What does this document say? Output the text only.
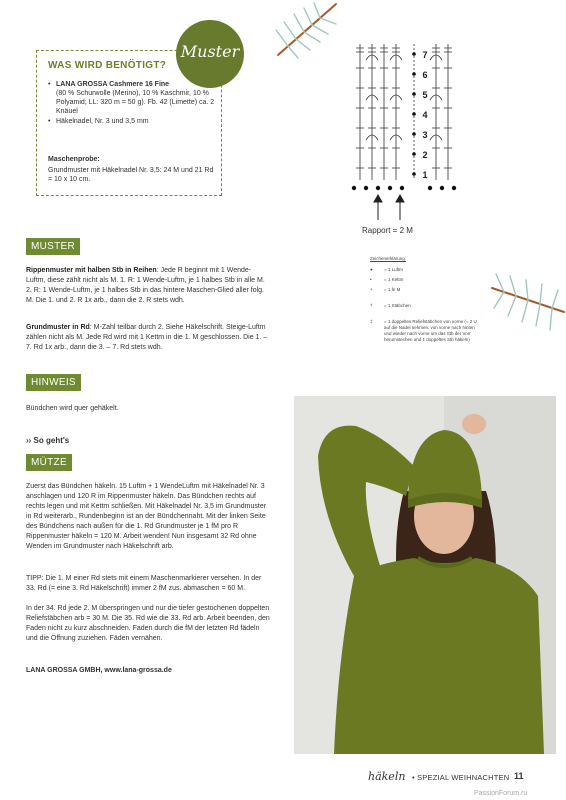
WAS WIRD BENÖTIGT?
Muster
• LANA GROSSA Cashmere 16 Fine
(80 % Schurwolle (Merino), 10 % Kaschmir, 10 % Polyamid; LL: 320 m = 50 g). Fb. 42 (Limette) ca. 2 Knäuel
• Häkelnadel, Nr. 3 und 3,5 mm
Maschenprobe:
Grundmuster mit Häkelnadel Nr. 3,5: 24 M und 21 Rd = 10 x 10 cm.
7
6
5
4
3
2
1
Rapport = 2 M
Zeichenerklärung:
●	= 1 Luftm
•	= 1 Kettm
+	= 1 fe M
†	= 1 Stäbchen
‡	= 1 doppeltes Reliefstäbchen von vorne (= 2 U auf die Nadel nehmen, von vorne nach hinten und wieder nach vorne um das Stb der Vorr herumstechen und 1 doppeltes Stb häkeln)
MUSTER
Rippenmuster mit halben Stb in Reihen: Jede R beginnt mit 1 Wende-Luftm, diese zählt nicht als M. 1. R: 1 Wende-Luftm, je 1 halbes Stb in alle M. 2. R: 1 Wende-Luftm, je 1 halbes Stb in das hintere Maschen-Glied aller folg. M. Die 1. und 2. R 1x arb., dann die 2. R stets wdh.
Grundmuster in Rd: M-Zahl teilbar durch 2. Siehe Häkelschrift. Steige-Luftm zählen nicht als M. Jede Rd wird mit 1 Kettm in die 1. M geschlossen. Die 1. – 7. Rd 1x arb., dann die 3. – 7. Rd stets wdh.
HINWEIS
Bündchen wird quer gehäkelt.
›› So geht's
MÜTZE
Zuerst das Bündchen häkeln. 15 Luftm + 1 WendeLuftm mit Häkelnadel Nr. 3 anschlagen und 120 R im Rippenmuster häkeln. Das Bündchen rechts auf rechts legen und mit Kettm schließen. Mit Häkelnadel Nr. 3,5 im Grundmuster in Rd weiterarb., Rundenbeginn ist an der Bündchennaht. Mit der linken Seite des Bündchens nach außen für die 1. Rd Grundmuster je 1 fM pro R Rippenmuster häkeln = 120 M. Arbeit wenden! Nun insgesamt 32 Rd ohne Wenden im Grundmuster nach Häkelschrift arb.
TIPP: Die 1. M einer Rd stets mit einem Maschenmarkierer versehen. In der 33. Rd (= eine 3. Rd Häkelschrift) immer 2 fM zus. abmaschen = 60 M.
In der 34. Rd jede 2. M überspringen und nur die tiefer gestochenen doppelten Reliefstäbchen arb = 30 M. Die 35. Rd wie die 33. Rd arb. Arbeit beenden, den Faden nicht zu kurz abschneiden. Faden durch die fM der letzten Rd fädeln und die Öffnung zuziehen. Fäden vernähen.
LANA GROSSA GMBH, www.lana-grossa.de
häkeln • SPEZIAL WEIHNACHTEN 11
PassionForum.ru
